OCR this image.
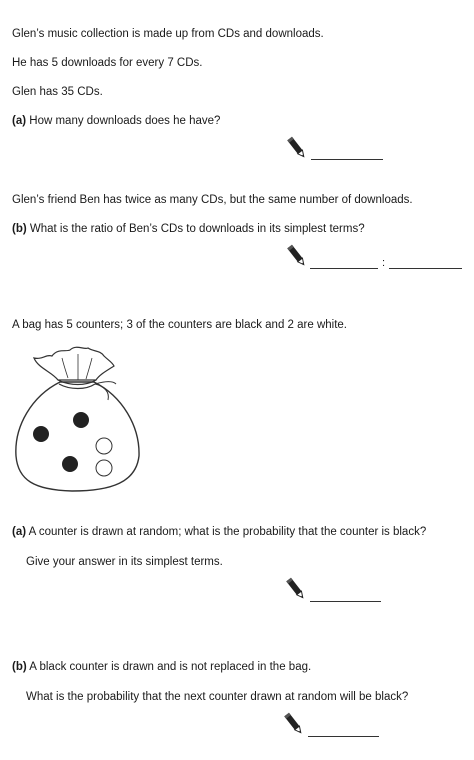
Glen’s music collection is made up from CDs and downloads.
He has 5 downloads for every 7 CDs.
Glen has 35 CDs.
(a) How many downloads does he have?
Glen’s friend Ben has twice as many CDs, but the same number of downloads.
(b) What is the ratio of Ben’s CDs to downloads in its simplest terms?
:
A bag has 5 counters; 3 of the counters are black and 2 are white.
(a) A counter is drawn at random; what is the probability that the counter is black?
Give your answer in its simplest terms.
(b) A black counter is drawn and is not replaced in the bag.
What is the probability that the next counter drawn at random will be black?
